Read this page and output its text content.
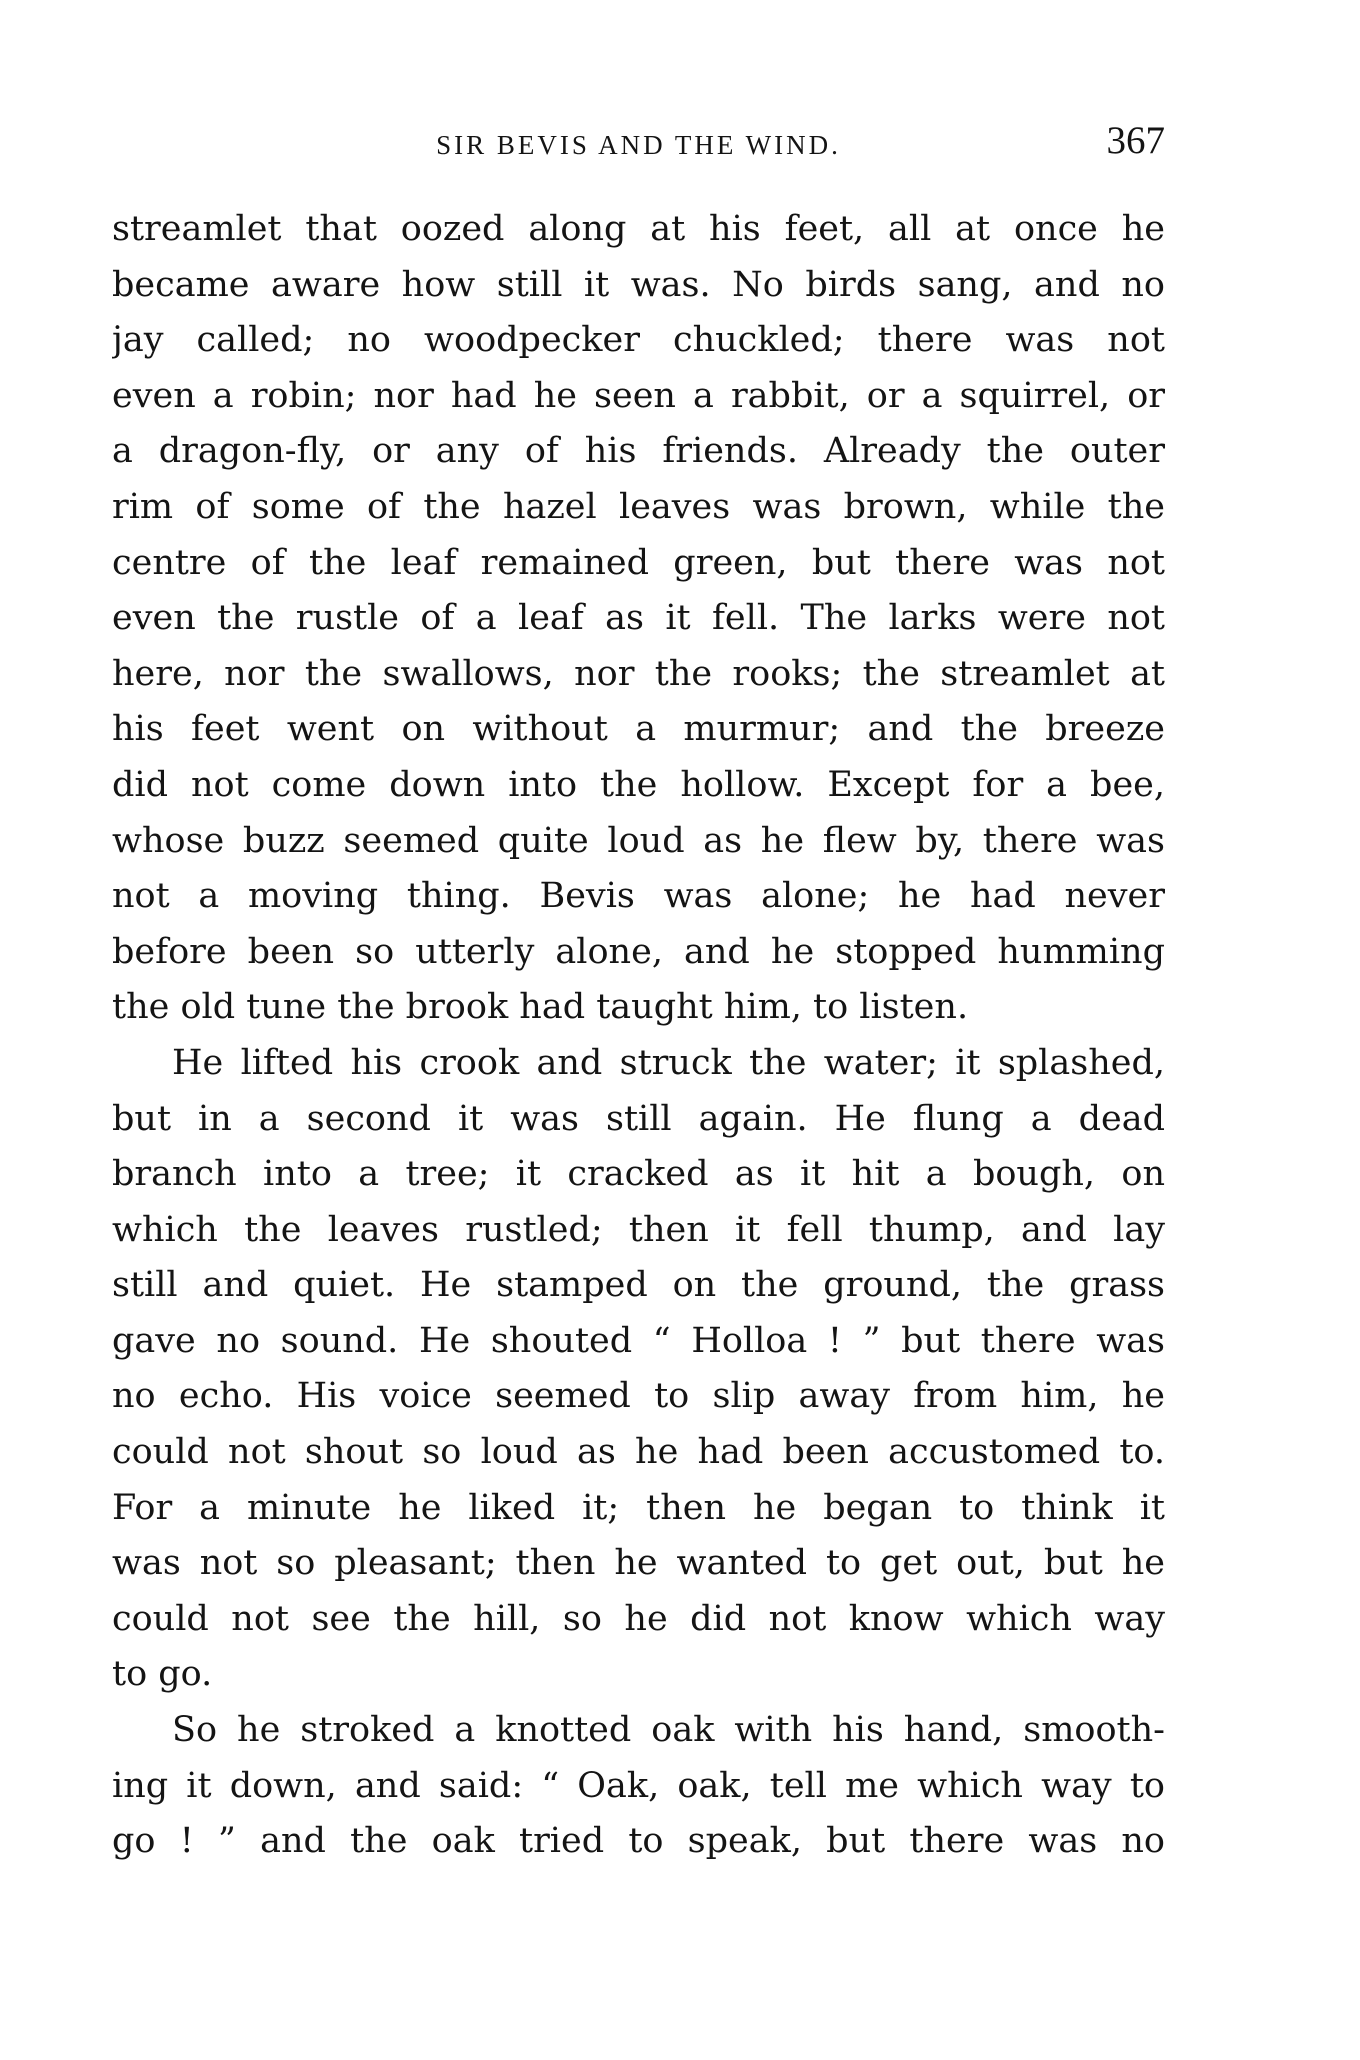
SIR BEVIS AND THE WIND.	367
streamlet that oozed along at his feet, all at once he
became aware how still it was. No birds sang, and no
jay called; no woodpecker chuckled; there was not
even a robin; nor had he seen a rabbit, or a squirrel, or
a dragon-fly, or any of his friends. Already the outer
rim of some of the hazel leaves was brown, while the
centre of the leaf remained green, but there was not
even the rustle of a leaf as it fell. The larks were not
here, nor the swallows, nor the rooks; the streamlet at
his feet went on without a murmur; and the breeze
did not come down into the hollow. Except for a bee,
whose buzz seemed quite loud as he flew by, there was
not a moving thing. Bevis was alone; he had never
before been so utterly alone, and he stopped humming
the old tune the brook had taught him, to listen.
He lifted his crook and struck the water; it splashed,
but in a second it was still again. He flung a dead
branch into a tree; it cracked as it hit a bough, on
which the leaves rustled; then it fell thump, and lay
still and quiet. He stamped on the ground, the grass
gave no sound. He shouted “ Holloa ! ” but there was
no echo. His voice seemed to slip away from him, he
could not shout so loud as he had been accustomed to.
For a minute he liked it; then he began to think it
was not so pleasant; then he wanted to get out, but he
could not see the hill, so he did not know which way
to go.
So he stroked a knotted oak with his hand, smooth-
ing it down, and said: “ Oak, oak, tell me which way to
go ! ” and the oak tried to speak, but there was no
